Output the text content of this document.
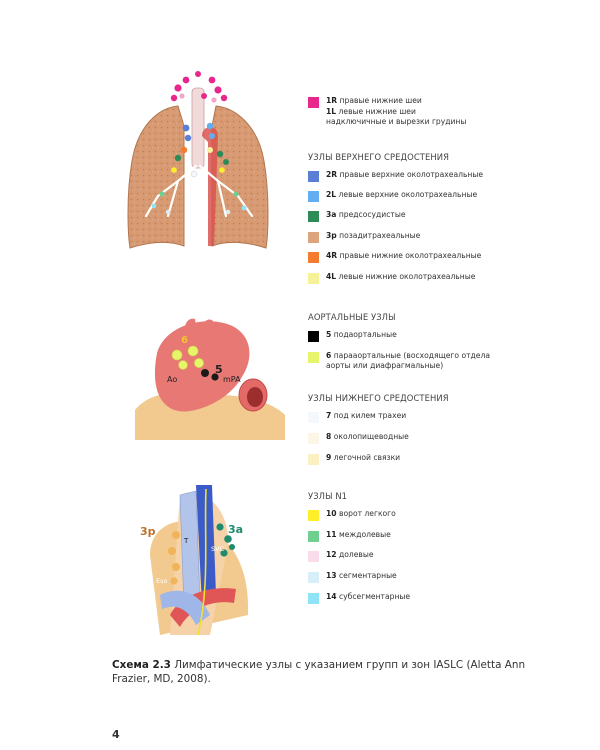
6
Ao
5
mPA
3p	3a
T
SVC
Eso
1R правые нижние шеи
1L левые нижние шеи
надключичные и вырезки грудины
УЗЛЫ ВЕРХНЕГО СРЕДОСТЕНИЯ
2R правые верхние околотрахеальные
2L левые верхние околотрахеальные
3a предсосудистые
3p позадитрахеальные
4R правые нижние околотрахеальные
4L левые нижние околотрахеальные
АОРТАЛЬНЫЕ УЗЛЫ
5 подаортальные
6 парааортальные (восходящего отдела
аорты или диафрагмальные)
УЗЛЫ НИЖНЕГО СРЕДОСТЕНИЯ
7 под килем трахеи
8 околопищеводные
9 легочной связки
УЗЛЫ N1
10 ворот легкого
11 междолевые
12 долевые
13 сегментарные
14 субсегментарные
Схема 2.3 Лимфатические узлы с указанием групп и зон IASLC (Aletta Ann Frazier, MD, 2008).
4
